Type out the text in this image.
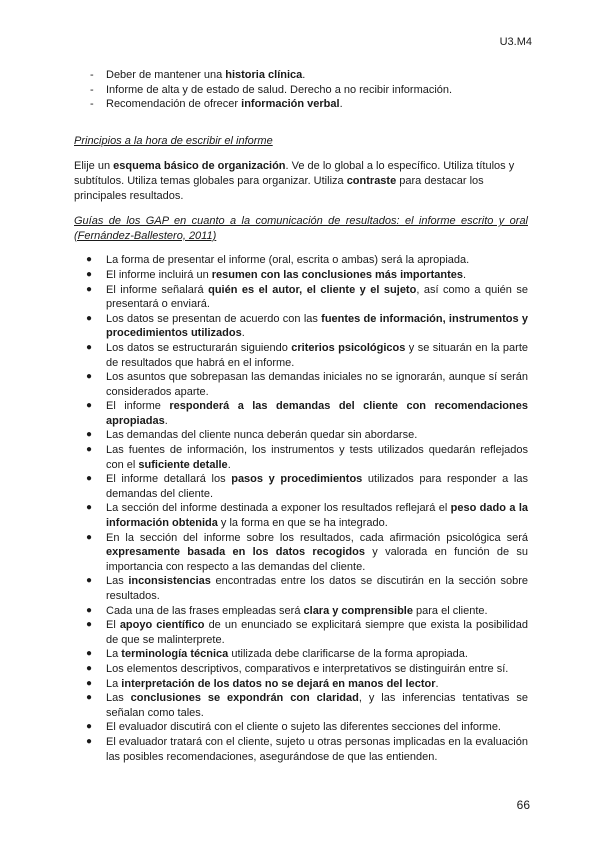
U3.M4
- Deber de mantener una historia clínica.
- Informe de alta y de estado de salud. Derecho a no recibir información.
- Recomendación de ofrecer información verbal.
Principios a la hora de escribir el informe
Elije un esquema básico de organización. Ve de lo global a lo específico. Utiliza títulos y subtítulos. Utiliza temas globales para organizar. Utiliza contraste para destacar los principales resultados.
Guías de los GAP en cuanto a la comunicación de resultados: el informe escrito y oral
(Fernández-Ballestero, 2011)
● La forma de presentar el informe (oral, escrita o ambas) será la apropiada.
● El informe incluirá un resumen con las conclusiones más importantes.
● El informe señalará quién es el autor, el cliente y el sujeto, así como a quién se presentará o enviará.
● Los datos se presentan de acuerdo con las fuentes de información, instrumentos y procedimientos utilizados.
● Los datos se estructurarán siguiendo criterios psicológicos y se situarán en la parte de resultados que habrá en el informe.
● Los asuntos que sobrepasan las demandas iniciales no se ignorarán, aunque sí serán considerados aparte.
● El informe responderá a las demandas del cliente con recomendaciones apropiadas.
● Las demandas del cliente nunca deberán quedar sin abordarse.
● Las fuentes de información, los instrumentos y tests utilizados quedarán reflejados con el suficiente detalle.
● El informe detallará los pasos y procedimientos utilizados para responder a las demandas del cliente.
● La sección del informe destinada a exponer los resultados reflejará el peso dado a la información obtenida y la forma en que se ha integrado.
● En la sección del informe sobre los resultados, cada afirmación psicológica será expresamente basada en los datos recogidos y valorada en función de su importancia con respecto a las demandas del cliente.
● Las inconsistencias encontradas entre los datos se discutirán en la sección sobre resultados.
● Cada una de las frases empleadas será clara y comprensible para el cliente.
● El apoyo científico de un enunciado se explicitará siempre que exista la posibilidad de que se malinterprete.
● La terminología técnica utilizada debe clarificarse de la forma apropiada.
● Los elementos descriptivos, comparativos e interpretativos se distinguirán entre sí.
● La interpretación de los datos no se dejará en manos del lector.
● Las conclusiones se expondrán con claridad, y las inferencias tentativas se señalan como tales.
● El evaluador discutirá con el cliente o sujeto las diferentes secciones del informe.
● El evaluador tratará con el cliente, sujeto u otras personas implicadas en la evaluación las posibles recomendaciones, asegurándose de que las entienden.
66
